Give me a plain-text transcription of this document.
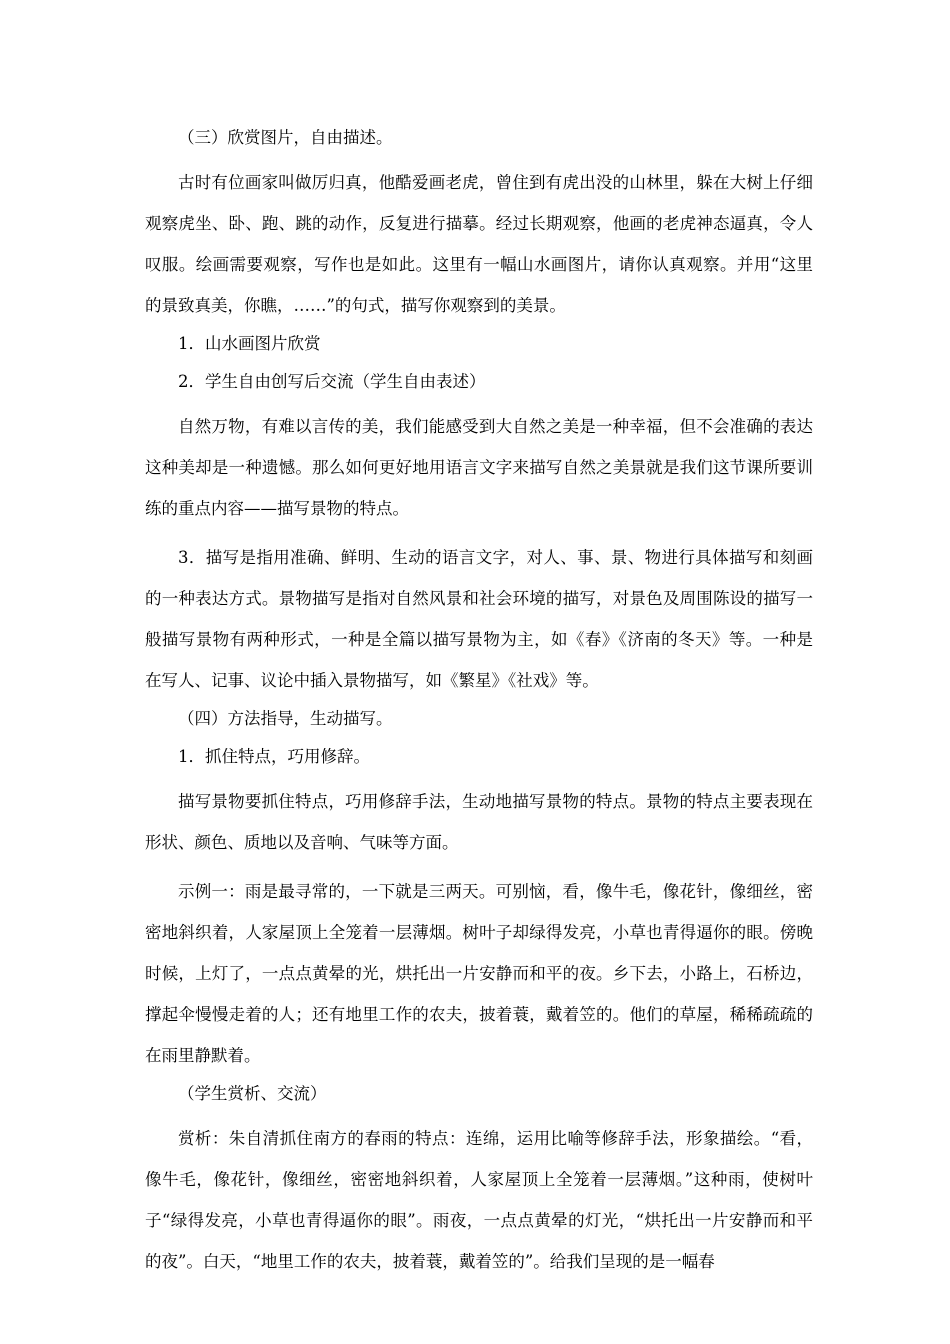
（三）欣赏图片，自由描述。

古时有位画家叫做厉归真，他酷爱画老虎，曾住到有虎出没的山林里，躲在大树上仔细观察虎坐、卧、跑、跳的动作，反复进行描摹。经过长期观察，他画的老虎神态逼真，令人叹服。绘画需要观察，写作也是如此。这里有一幅山水画图片，请你认真观察。并用“这里的景致真美，你瞧，……”的句式，描写你观察到的美景。

1．山水画图片欣赏

2．学生自由创写后交流（学生自由表述）

自然万物，有难以言传的美，我们能感受到大自然之美是一种幸福，但不会准确的表达这种美却是一种遗憾。那么如何更好地用语言文字来描写自然之美景就是我们这节课所要训练的重点内容——描写景物的特点。

3．描写是指用准确、鲜明、生动的语言文字，对人、事、景、物进行具体描写和刻画的一种表达方式。景物描写是指对自然风景和社会环境的描写，对景色及周围陈设的描写一般描写景物有两种形式，一种是全篇以描写景物为主，如《春》《济南的冬天》等。一种是在写人、记事、议论中插入景物描写，如《繁星》《社戏》等。

（四）方法指导，生动描写。

1．抓住特点，巧用修辞。

描写景物要抓住特点，巧用修辞手法，生动地描写景物的特点。景物的特点主要表现在形状、颜色、质地以及音响、气味等方面。

示例一：雨是最寻常的，一下就是三两天。可别恼，看，像牛毛，像花针，像细丝，密密地斜织着，人家屋顶上全笼着一层薄烟。树叶子却绿得发亮，小草也青得逼你的眼。傍晚时候，上灯了，一点点黄晕的光，烘托出一片安静而和平的夜。乡下去，小路上，石桥边，撑起伞慢慢走着的人；还有地里工作的农夫，披着蓑，戴着笠的。他们的草屋，稀稀疏疏的在雨里静默着。

（学生赏析、交流）

赏析：朱自清抓住南方的春雨的特点：连绵，运用比喻等修辞手法，形象描绘。“看，像牛毛，像花针，像细丝，密密地斜织着，人家屋顶上全笼着一层薄烟。”这种雨，使树叶子“绿得发亮，小草也青得逼你的眼”。雨夜，一点点黄晕的灯光，“烘托出一片安静而和平的夜”。白天，“地里工作的农夫，披着蓑，戴着笠的”。给我们呈现的是一幅春
